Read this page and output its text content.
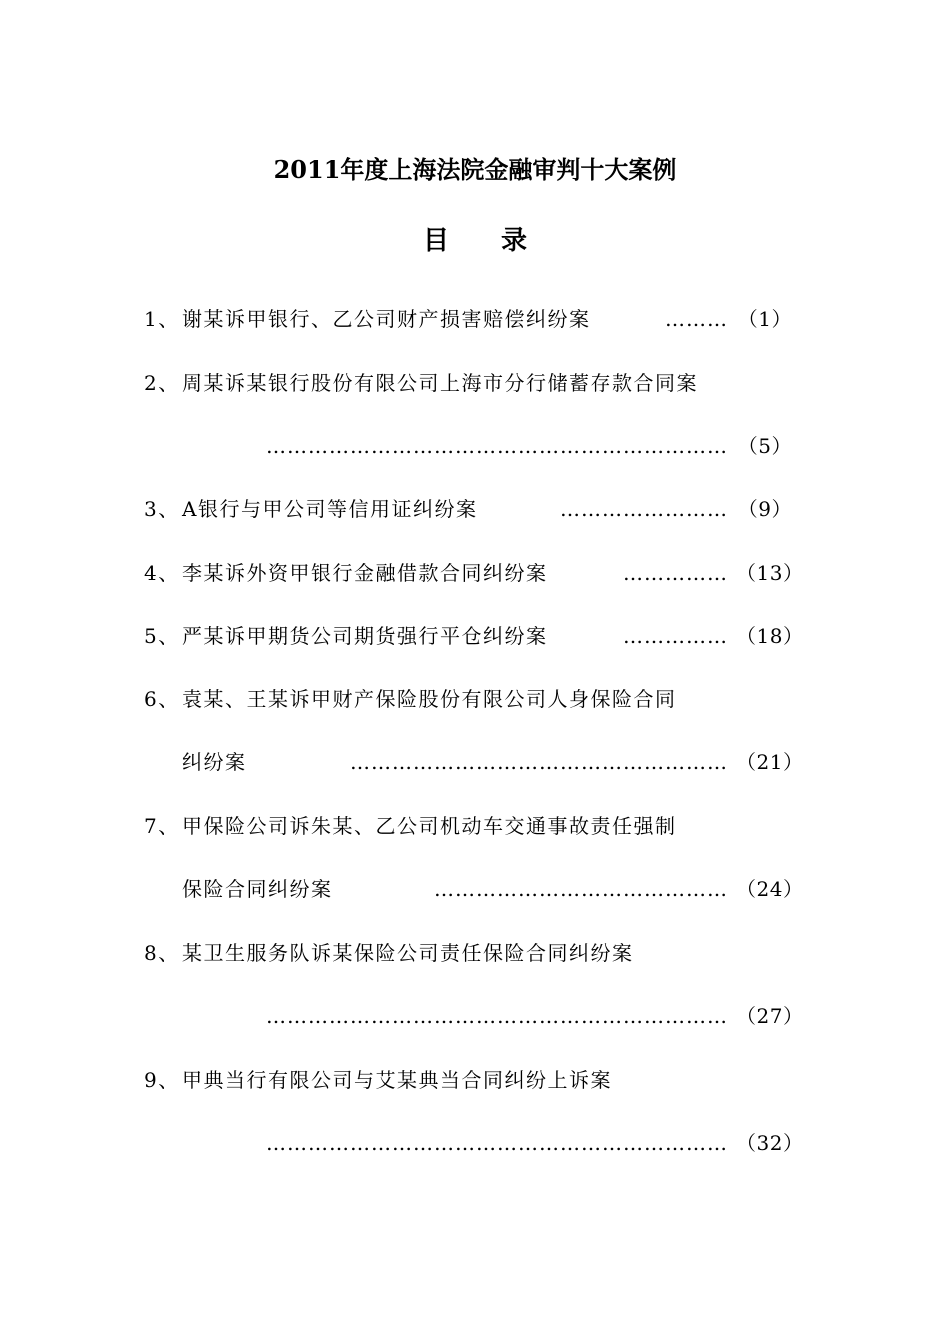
2011年度上海法院金融审判十大案例
目 录
1、 谢某诉甲银行、乙公司财产损害赔偿纠纷案	……… （1）
2、 周某诉某银行股份有限公司上海市分行储蓄存款合同案
………………………………………………………… （5）
3、 A银行与甲公司等信用证纠纷案	…………………… （9）
4、 李某诉外资甲银行金融借款合同纠纷案	…………… （13）
5、 严某诉甲期货公司期货强行平仓纠纷案	…………… （18）
6、 袁某、王某诉甲财产保险股份有限公司人身保险合同
纠纷案	……………………………………………… （21）
7、 甲保险公司诉朱某、乙公司机动车交通事故责任强制
保险合同纠纷案	…………………………………… （24）
8、 某卫生服务队诉某保险公司责任保险合同纠纷案
………………………………………………………… （27）
9、 甲典当行有限公司与艾某典当合同纠纷上诉案
………………………………………………………… （32）
